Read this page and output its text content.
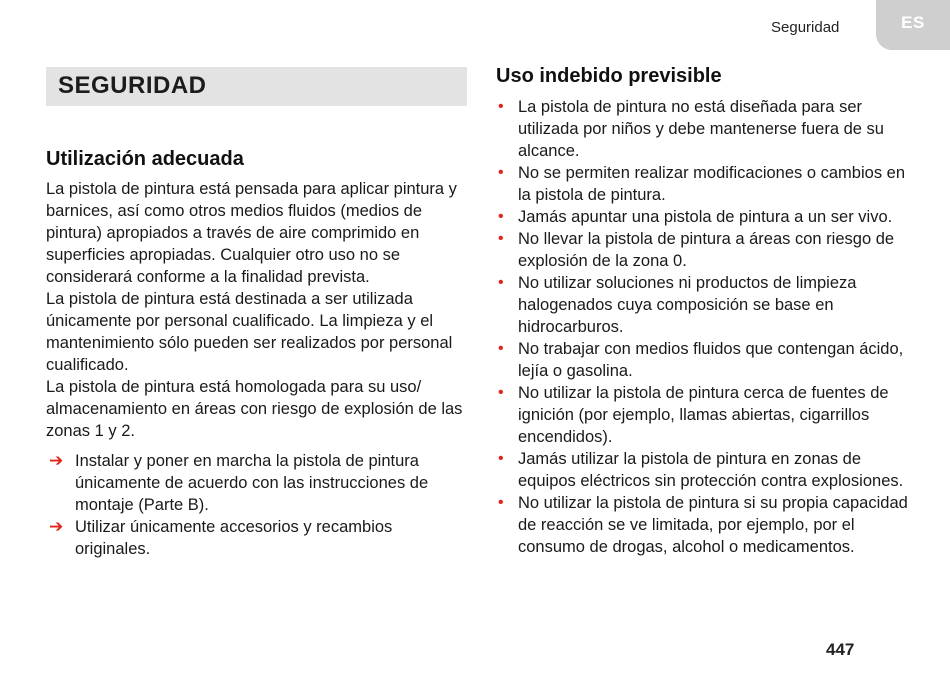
Seguridad	ES
SEGURIDAD
Utilización adecuada

La pistola de pintura está pensada para aplicar pintura y barnices, así como otros medios fluidos (medios de pintura) apropiados a través de aire comprimido en superficies apropiadas. Cualquier otro uso no se considerará conforme a la finalidad prevista.

La pistola de pintura está destinada a ser utilizada únicamente por personal cualificado. La limpieza y el mantenimiento sólo pueden ser realizados por personal cualificado.

La pistola de pintura está homologada para su uso/ almacenamiento en áreas con riesgo de explosión de las zonas 1 y 2.

➔ Instalar y poner en marcha la pistola de pintura únicamente de acuerdo con las instrucciones de montaje (Parte B).
➔ Utilizar únicamente accesorios y recambios originales.
Uso indebido previsible
• La pistola de pintura no está diseñada para ser utilizada por niños y debe mantenerse fuera de su alcance.
• No se permiten realizar modificaciones o cambios en la pistola de pintura.
• Jamás apuntar una pistola de pintura a un ser vivo.
• No llevar la pistola de pintura a áreas con riesgo de explosión de la zona 0.
• No utilizar soluciones ni productos de limpieza halogenados cuya composición se base en hidrocarburos.
• No trabajar con medios fluidos que contengan ácido, lejía o gasolina.
• No utilizar la pistola de pintura cerca de fuentes de ignición (por ejemplo, llamas abiertas, cigarrillos encendidos).
• Jamás utilizar la pistola de pintura en zonas de equipos eléctricos sin protección contra explosiones.
• No utilizar la pistola de pintura si su propia capacidad de reacción se ve limitada, por ejemplo, por el consumo de drogas, alcohol o medicamentos.
447
